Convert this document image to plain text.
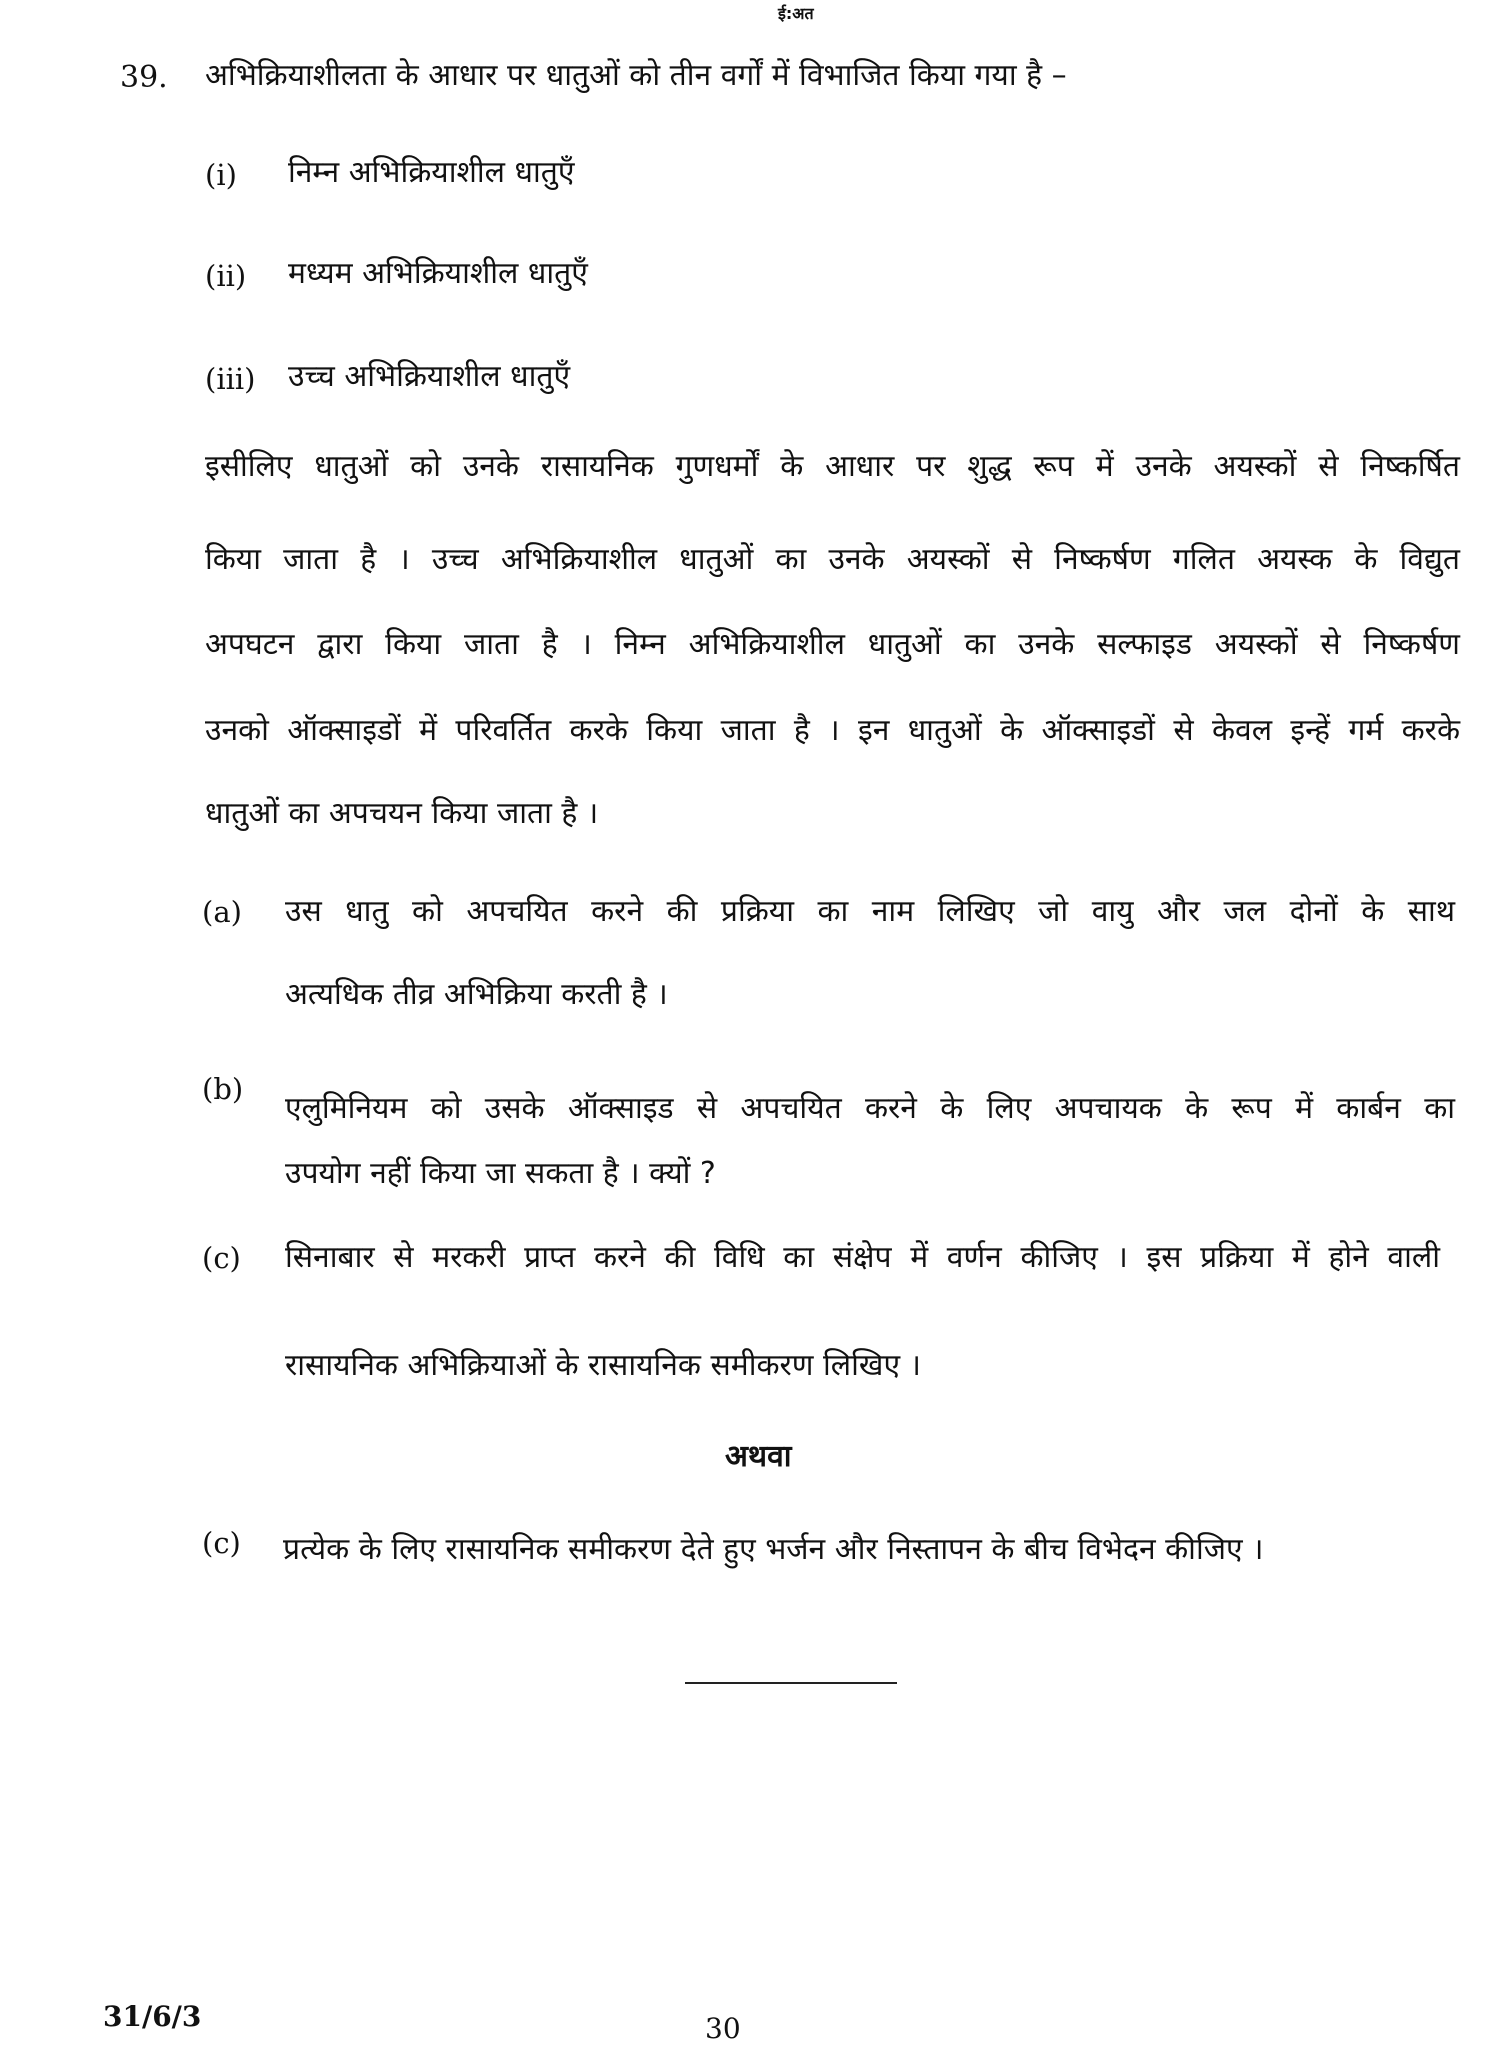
ई:अत
39. अभिक्रियाशीलता के आधार पर धातुओं को तीन वर्गों में विभाजित किया गया है –
(i) निम्न अभिक्रियाशील धातुएँ
(ii) मध्यम अभिक्रियाशील धातुएँ
(iii) उच्च अभिक्रियाशील धातुएँ
इसीलिए धातुओं को उनके रासायनिक गुणधर्मों के आधार पर शुद्ध रूप में उनके अयस्कों से निष्कर्षित
किया जाता है । उच्च अभिक्रियाशील धातुओं का उनके अयस्कों से निष्कर्षण गलित अयस्क के विद्युत
अपघटन द्वारा किया जाता है । निम्न अभिक्रियाशील धातुओं का उनके सल्फाइड अयस्कों से निष्कर्षण
उनको ऑक्साइडों में परिवर्तित करके किया जाता है । इन धातुओं के ऑक्साइडों से केवल इन्हें गर्म करके
धातुओं का अपचयन किया जाता है ।
(a) उस धातु को अपचयित करने की प्रक्रिया का नाम लिखिए जो वायु और जल दोनों के साथ
अत्यधिक तीव्र अभिक्रिया करती है ।
(b)
एलुमिनियम को उसके ऑक्साइड से अपचयित करने के लिए अपचायक के रूप में कार्बन का
उपयोग नहीं किया जा सकता है । क्यों ?
(c) सिनाबार से मरकरी प्राप्त करने की विधि का संक्षेप में वर्णन कीजिए । इस प्रक्रिया में होने वाली
रासायनिक अभिक्रियाओं के रासायनिक समीकरण लिखिए ।
अथवा
(c) प्रत्येक के लिए रासायनिक समीकरण देते हुए भर्जन और निस्तापन के बीच विभेदन कीजिए ।
31/6/3	30
